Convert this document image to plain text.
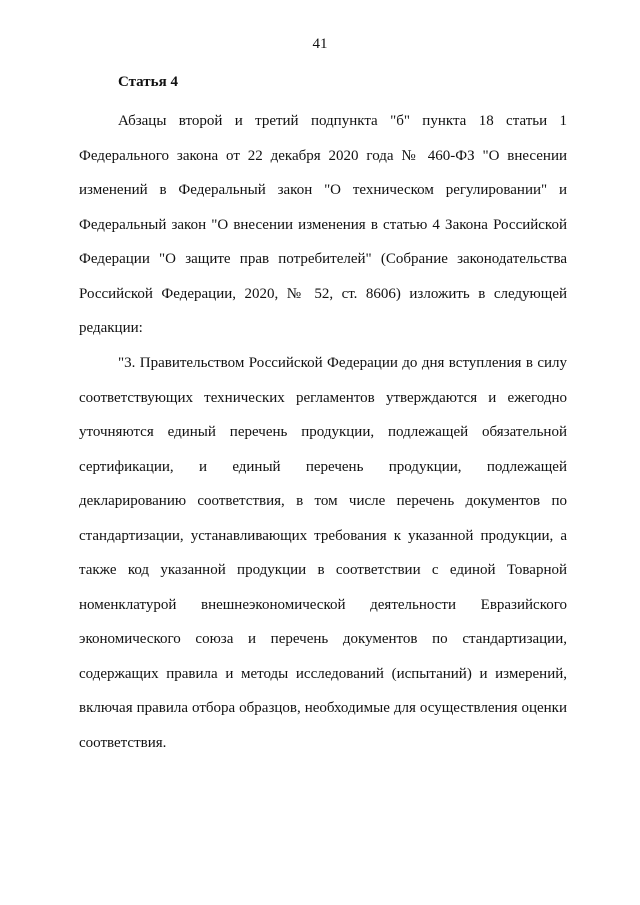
41
Статья 4

Абзацы второй и третий подпункта "б" пункта 18 статьи 1 Федерального закона от 22 декабря 2020 года № 460-ФЗ "О внесении изменений в Федеральный закон "О техническом регулировании" и Федеральный закон "О внесении изменения в статью 4 Закона Российской Федерации "О защите прав потребителей" (Собрание законодательства Российской Федерации, 2020, № 52, ст. 8606) изложить в следующей редакции:

"3. Правительством Российской Федерации до дня вступления в силу соответствующих технических регламентов утверждаются и ежегодно уточняются единый перечень продукции, подлежащей обязательной сертификации, и единый перечень продукции, подлежащей декларированию соответствия, в том числе перечень документов по стандартизации, устанавливающих требования к указанной продукции, а также код указанной продукции в соответствии с единой Товарной номенклатурой внешнеэкономической деятельности Евразийского экономического союза и перечень документов по стандартизации, содержащих правила и методы исследований (испытаний) и измерений, включая правила отбора образцов, необходимые для осуществления оценки соответствия.
